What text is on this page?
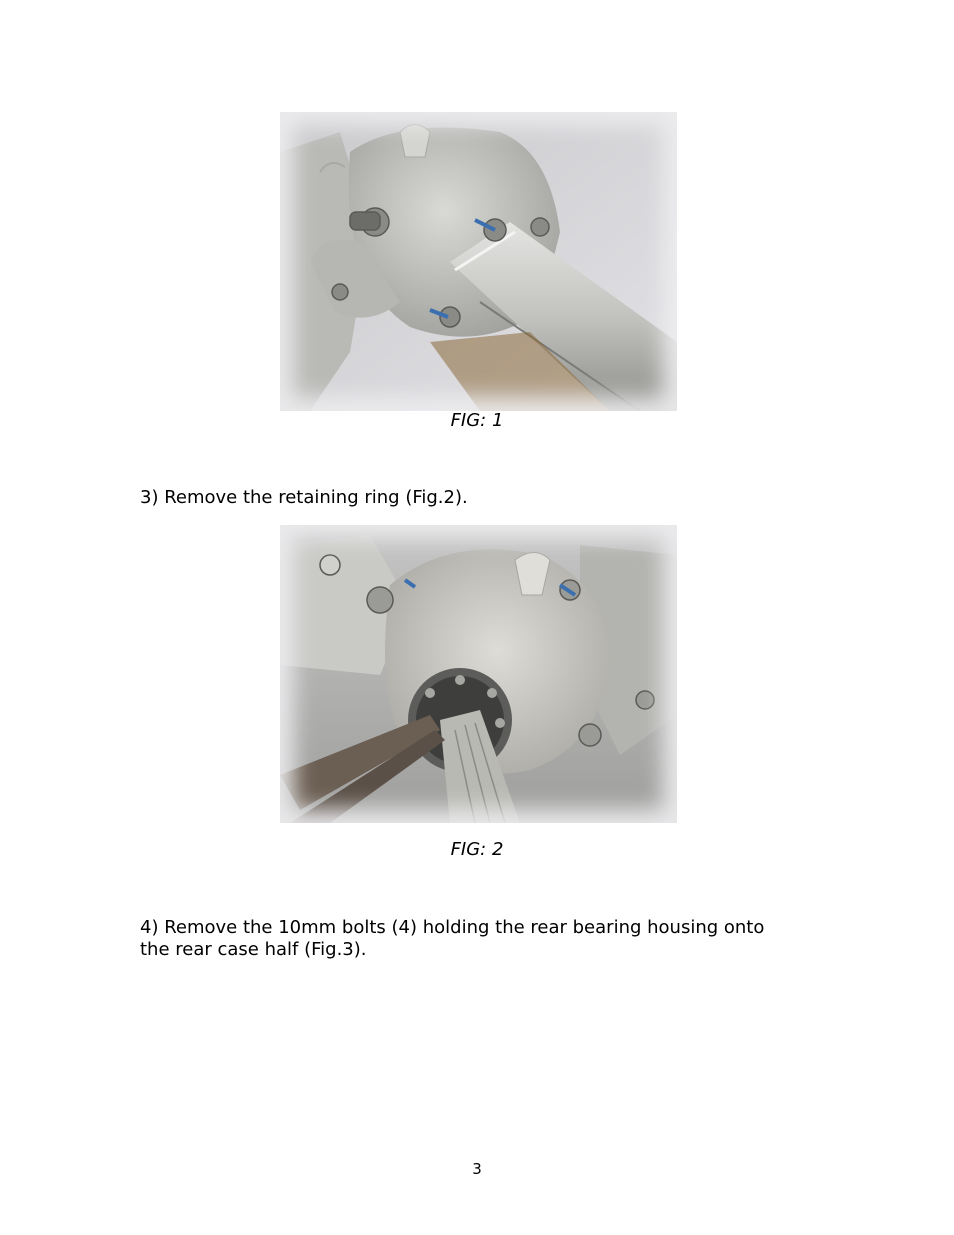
FIG: 1
3) Remove the retaining ring (Fig.2).
FIG: 2
4) Remove the 10mm bolts (4) holding the rear bearing housing onto
the rear case half (Fig.3).
3
